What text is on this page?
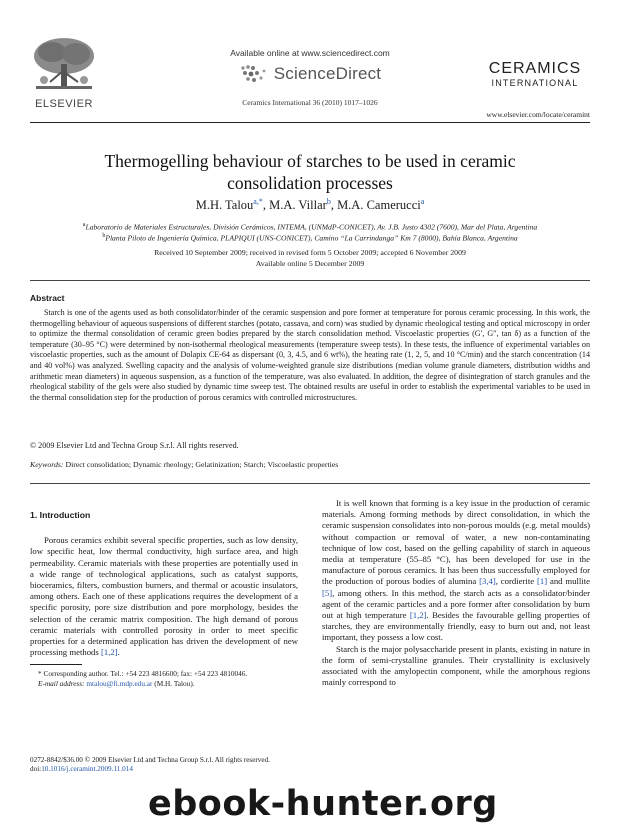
ELSEVIER
Available online at www.sciencedirect.com
ScienceDirect
Ceramics International 36 (2010) 1017–1026
CERAMICS
INTERNATIONAL
www.elsevier.com/locate/ceramint
Thermogelling behaviour of starches to be used in ceramic
consolidation processes
M.H. Talou$^{a,*}$, M.A. Villar$^b$, M.A. Camerucci$^a$
$^a$Laboratorio de Materiales Estructurales, División Cerámicos, INTEMA, (UNMdP-CONICET), Av. J.B. Justo 4302 (7600), Mar del Plata, Argentina
$^b$Planta Piloto de Ingeniería Química, PLAPIQUI (UNS-CONICET), Camino “La Carrindanga” Km 7 (8000), Bahía Blanca, Argentina
Received 10 September 2009; received in revised form 5 October 2009; accepted 6 November 2009
Available online 5 December 2009
Abstract
Starch is one of the agents used as both consolidator/binder of the ceramic suspension and pore former at temperature for porous ceramic processing. In this work, the thermogelling behaviour of aqueous suspensions of different starches (potato, cassava, and corn) was studied by dynamic rheological testing and optical microscopy in order to optimize the thermal consolidation of ceramic green bodies prepared by the starch consolidation method. Viscoelastic properties (G′, G″, tan δ) as a function of the temperature (30–95 °C) were determined by non-isothermal rheological measurements (temperature sweep tests). In these tests, the influence of experimental variables on viscoelastic properties, such as the amount of Dolapix CE-64 as dispersant (0, 3, 4.5, and 6 wt%), the heating rate (1, 2, 5, and 10 °C/min) and the starch concentration (14 and 40 vol%) was analyzed. Swelling capacity and the analysis of volume-weighted granule size distributions (median volume granule diameters, distribution widths and arithmetic mean diameters) in aqueous suspension, as a function of the temperature, was also evaluated. In addition, the degree of disintegration of starch granules and the rheological stability of the gels were also studied by dynamic time sweep test. The obtained results are useful in order to establish the experimental variables to be used in the thermal consolidation step for the production of porous ceramics with controlled microstructures.
© 2009 Elsevier Ltd and Techna Group S.r.l. All rights reserved.
Keywords: Direct consolidation; Dynamic rheology; Gelatinization; Starch; Viscoelastic properties
1. Introduction

Porous ceramics exhibit several specific properties, such as low density, low specific heat, low thermal conductivity, high surface area, and high permeability. Ceramic materials with these properties are potentially used in a wide range of technological applications, such as catalyst supports, bioceramics, filters, combustion burners, and thermal or acoustic insulators, among others. Each one of these applications requires the development of a specific porosity, pore size distribution and pore morphology, besides the selection of the ceramic matrix composition. The high demand of porous ceramic materials with controlled porosity in order to meet specific properties for a determined application has driven the development of new processing methods [1,2].

* Corresponding author. Tel.: +54 223 4816600; fax: +54 223 4810046.
E-mail address: mtalou@fi.mdp.edu.ar (M.H. Talou).
0272-8842/$36.00 © 2009 Elsevier Ltd and Techna Group S.r.l. All rights reserved.
doi:10.1016/j.ceramint.2009.11.014

It is well known that forming is a key issue in the production of ceramic materials. Among forming methods by direct consolidation, in which the ceramic suspension consolidates into non-porous moulds (e.g. metal moulds) without compaction or removal of water, a new non-contaminating technique of low cost, based on the gelling capability of starch in aqueous media at temperature (55–85 °C), has been developed for use in the manufacture of porous ceramics. It has been thus successfully employed for the production of porous bodies of alumina [3,4], cordierite [1] and mullite [5], among others. In this method, the starch acts as a consolidator/binder agent of the ceramic particles and a pore former after consolidation by burn out at high temperature [1,2]. Besides the favourable gelling properties of starches, they are environmentally friendly, easy to burn out and, not least important, they possess a low cost.

Starch is the major polysaccharide present in plants, existing in nature in the form of semi-crystalline granules. Their crystallinity is exclusively associated with the amylopectin component, while the amorphous regions mainly correspond to

ebook-hunter.org
